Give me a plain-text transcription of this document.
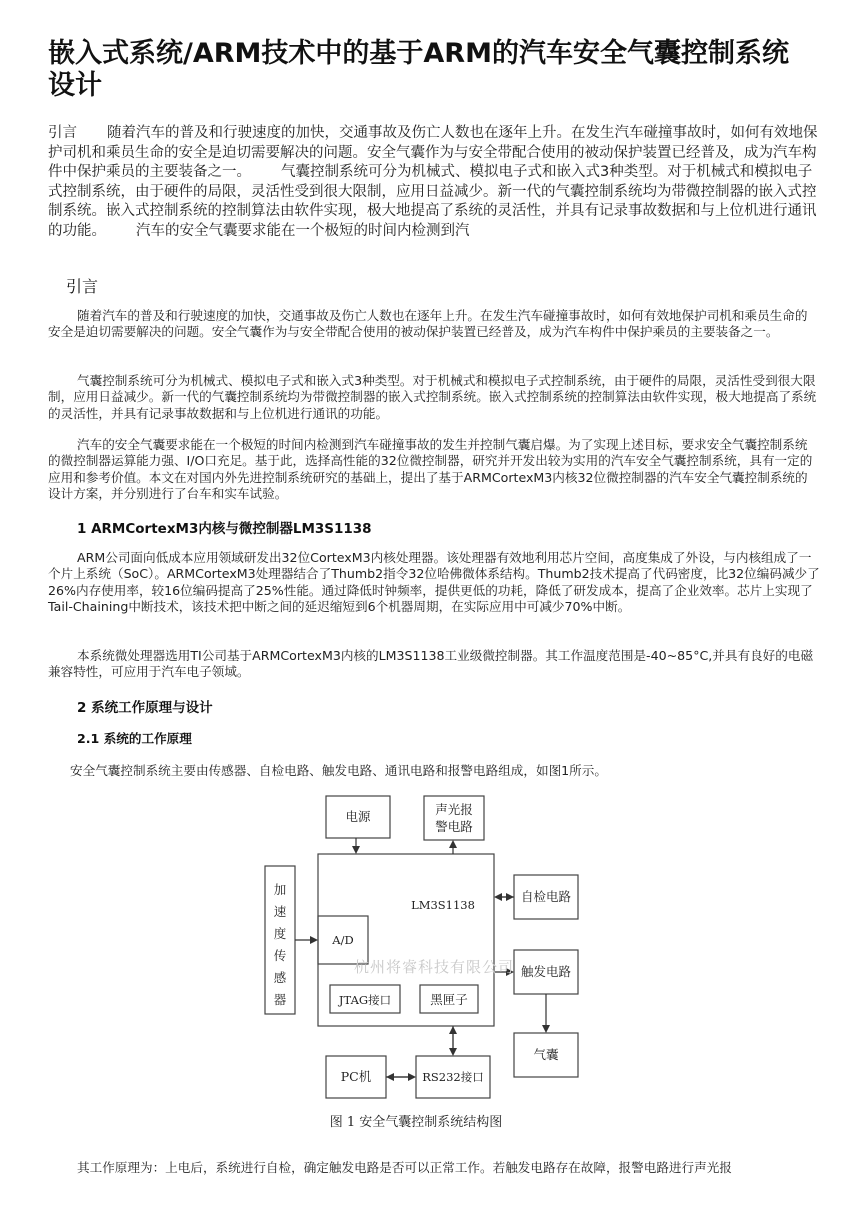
嵌入式系统/ARM技术中的基于ARM的汽车安全气囊控制系统
设计

引言 随着汽车的普及和行驶速度的加快，交通事故及伤亡人数也在逐年上升。在发生汽车碰撞事故时，如何有效地保护司机和乘员生命的安全是迫切需要解决的问题。安全气囊作为与安全带配合使用的被动保护装置已经普及，成为汽车构件中保护乘员的主要装备之一。 气囊控制系统可分为机械式、模拟电子式和嵌入式3种类型。对于机械式和模拟电子式控制系统，由于硬件的局限，灵活性受到很大限制，应用日益减少。新一代的气囊控制系统均为带微控制器的嵌入式控制系统。嵌入式控制系统的控制算法由软件实现，极大地提高了系统的灵活性，并具有记录事故数据和与上位机进行通讯的功能。 汽车的安全气囊要求能在一个极短的时间内检测到汽

引言

随着汽车的普及和行驶速度的加快，交通事故及伤亡人数也在逐年上升。在发生汽车碰撞事故时，如何有效地保护司机和乘员生命的安全是迫切需要解决的问题。安全气囊作为与安全带配合使用的被动保护装置已经普及，成为汽车构件中保护乘员的主要装备之一。

气囊控制系统可分为机械式、模拟电子式和嵌入式3种类型。对于机械式和模拟电子式控制系统，由于硬件的局限，灵活性受到很大限制，应用日益减少。新一代的气囊控制系统均为带微控制器的嵌入式控制系统。嵌入式控制系统的控制算法由软件实现，极大地提高了系统的灵活性，并具有记录事故数据和与上位机进行通讯的功能。

汽车的安全气囊要求能在一个极短的时间内检测到汽车碰撞事故的发生并控制气囊启爆。为了实现上述目标，要求安全气囊控制系统的微控制器运算能力强、I/O口充足。基于此，选择高性能的32位微控制器，研究并开发出较为实用的汽车安全气囊控制系统，具有一定的应用和参考价值。本文在对国内外先进控制系统研究的基础上，提出了基于ARMCortexM3内核32位微控制器的汽车安全气囊控制系统的设计方案，并分别进行了台车和实车试验。

1 ARMCortexM3内核与微控制器LM3S1138

ARM公司面向低成本应用领域研发出32位CortexM3内核处理器。该处理器有效地利用芯片空间，高度集成了外设，与内核组成了一个片上系统（SoC）。ARMCortexM3处理器结合了Thumb2指令32位哈佛微体系结构。Thumb2技术提高了代码密度，比32位编码减少了26%内存使用率，较16位编码提高了25%性能。通过降低时钟频率，提供更低的功耗，降低了研发成本，提高了企业效率。芯片上实现了Tail-Chaining中断技术，该技术把中断之间的延迟缩短到6个机器周期，在实际应用中可减少70%中断。

本系统微处理器选用TI公司基于ARMCortexM3内核的LM3S1138工业级微控制器。其工作温度范围是-40~85°C,并具有良好的电磁兼容特性，可应用于汽车电子领域。

2 系统工作原理与设计
2.1 系统的工作原理

安全气囊控制系统主要由传感器、自检电路、触发电路、通讯电路和报警电路组成，如图1所示。

电源	声光报
警电路
LM3S1138
A/D
加
速
度
传
感
器	JTAG接口	黑匣子
自检电路
触发电路
气囊
PC机	RS232接口
杭州将睿科技有限公司
图 1 安全气囊控制系统结构图

其工作原理为：上电后，系统进行自检，确定触发电路是否可以正常工作。若触发电路存在故障，报警电路进行声光报
